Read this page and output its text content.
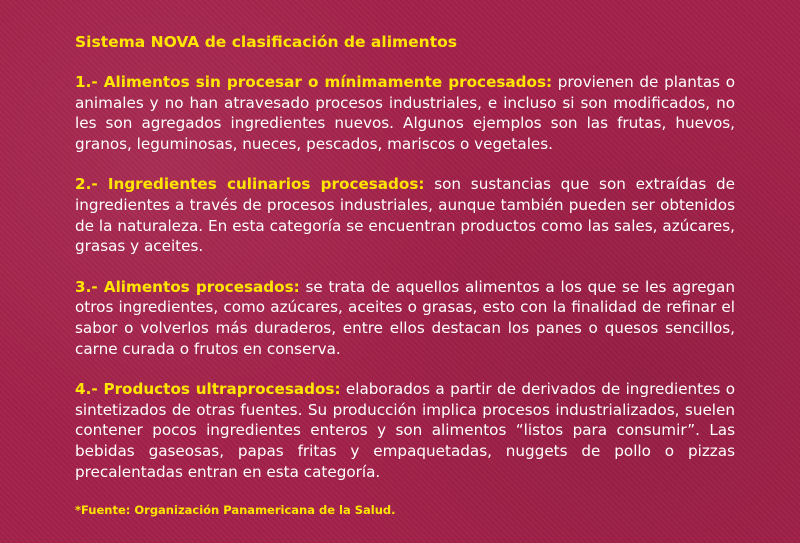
Sistema NOVA de clasificación de alimentos

1.- Alimentos sin procesar o mínimamente procesados: provienen de plantas o animales y no han atravesado procesos industriales, e incluso si son modificados, no les son agregados ingredientes nuevos. Algunos ejemplos son las frutas, huevos, granos, leguminosas, nueces, pescados, mariscos o vegetales.

2.- Ingredientes culinarios procesados: son sustancias que son extraídas de ingredientes a través de procesos industriales, aunque también pueden ser obtenidos de la naturaleza. En esta categoría se encuentran productos como las sales, azúcares, grasas y aceites.

3.- Alimentos procesados: se trata de aquellos alimentos a los que se les agregan otros ingredientes, como azúcares, aceites o grasas, esto con la finalidad de refinar el sabor o volverlos más duraderos, entre ellos destacan los panes o quesos sencillos, carne curada o frutos en conserva.

4.- Productos ultraprocesados: elaborados a partir de derivados de ingredientes o sintetizados de otras fuentes. Su producción implica procesos industrializados, suelen contener pocos ingredientes enteros y son alimentos “listos para consumir”. Las bebidas gaseosas, papas fritas y empaquetadas, nuggets de pollo o pizzas precalentadas entran en esta categoría.

*Fuente: Organización Panamericana de la Salud.
